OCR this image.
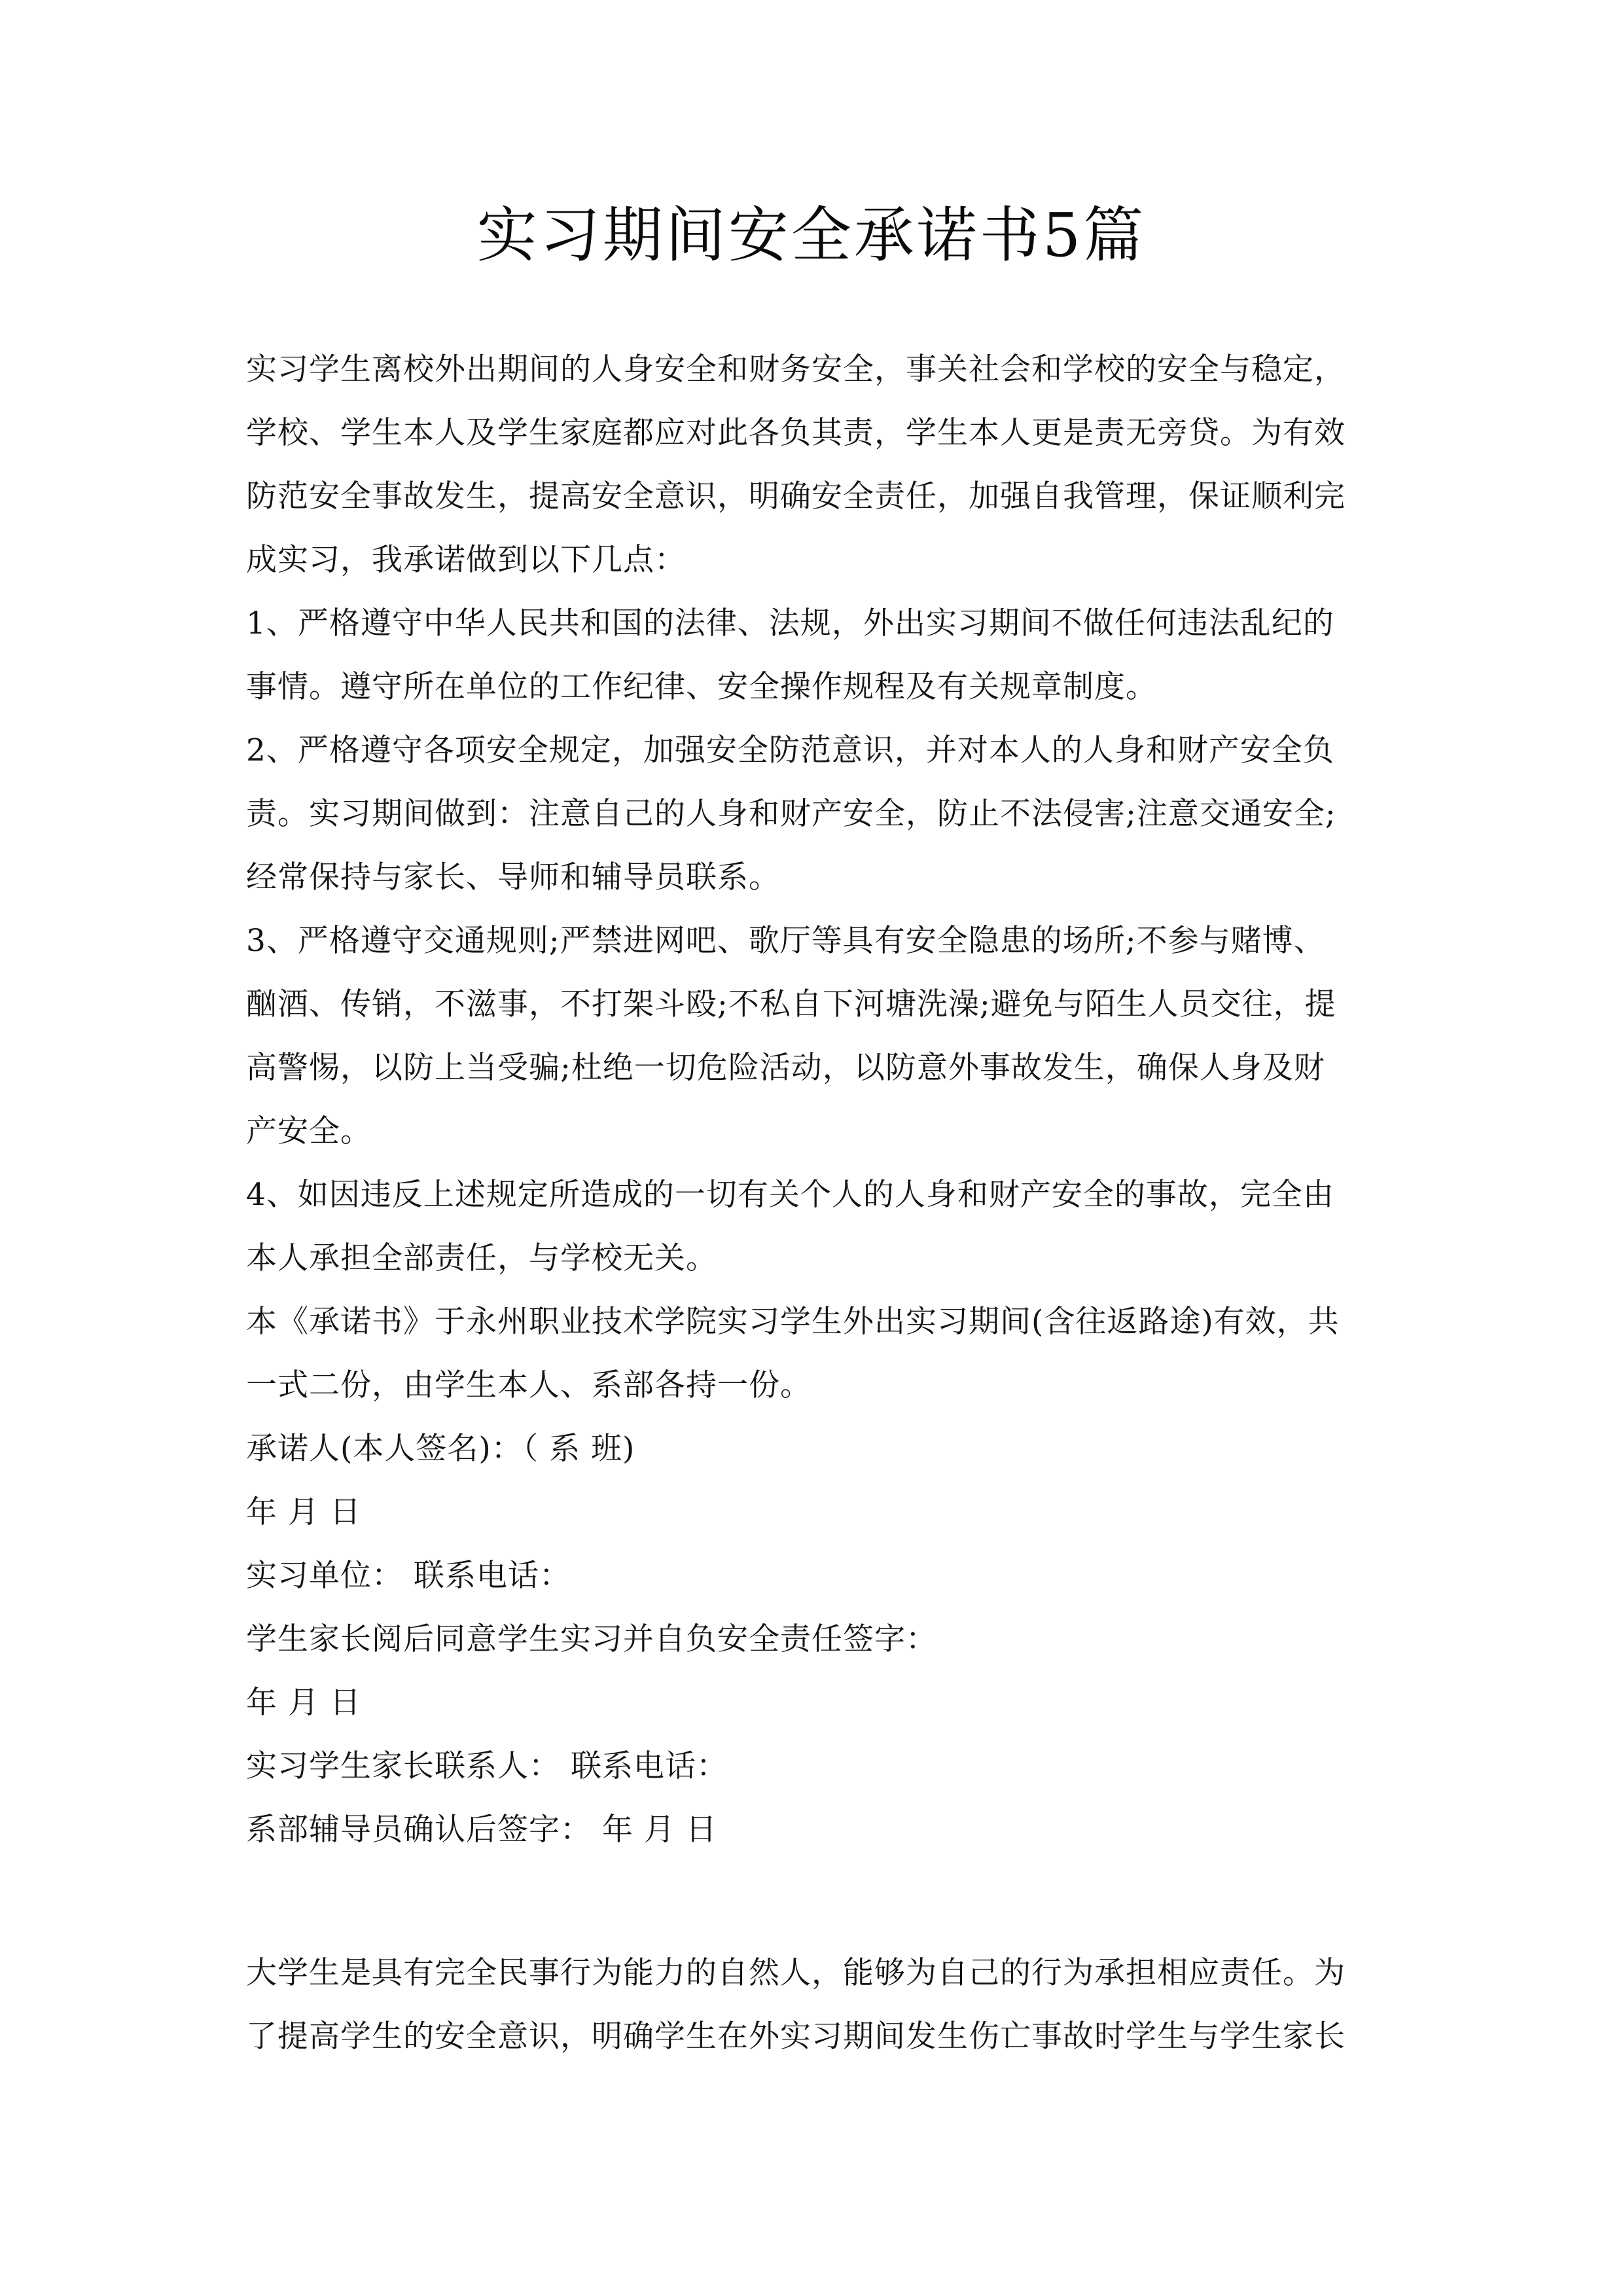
实习期间安全承诺书5篇
实习学生离校外出期间的人身安全和财务安全，事关社会和学校的安全与稳定，
学校、学生本人及学生家庭都应对此各负其责，学生本人更是责无旁贷。为有效
防范安全事故发生，提高安全意识，明确安全责任，加强自我管理，保证顺利完
成实习，我承诺做到以下几点：
1、严格遵守中华人民共和国的法律、法规，外出实习期间不做任何违法乱纪的
事情。遵守所在单位的工作纪律、安全操作规程及有关规章制度。
2、严格遵守各项安全规定，加强安全防范意识，并对本人的人身和财产安全负
责。实习期间做到：注意自己的人身和财产安全，防止不法侵害;注意交通安全;
经常保持与家长、导师和辅导员联系。
3、严格遵守交通规则;严禁进网吧、歌厅等具有安全隐患的场所;不参与赌博、
酗酒、传销，不滋事，不打架斗殴;不私自下河塘洗澡;避免与陌生人员交往，提
高警惕，以防上当受骗;杜绝一切危险活动，以防意外事故发生，确保人身及财
产安全。
4、如因违反上述规定所造成的一切有关个人的人身和财产安全的事故，完全由
本人承担全部责任，与学校无关。
本《承诺书》于永州职业技术学院实习学生外出实习期间(含往返路途)有效，共
一式二份，由学生本人、系部各持一份。
承诺人(本人签名)：（ 系 班)
年 月 日
实习单位： 联系电话：
学生家长阅后同意学生实习并自负安全责任签字：
年 月 日
实习学生家长联系人： 联系电话：
系部辅导员确认后签字： 年 月 日
大学生是具有完全民事行为能力的自然人，能够为自己的行为承担相应责任。为
了提高学生的安全意识，明确学生在外实习期间发生伤亡事故时学生与学生家长
